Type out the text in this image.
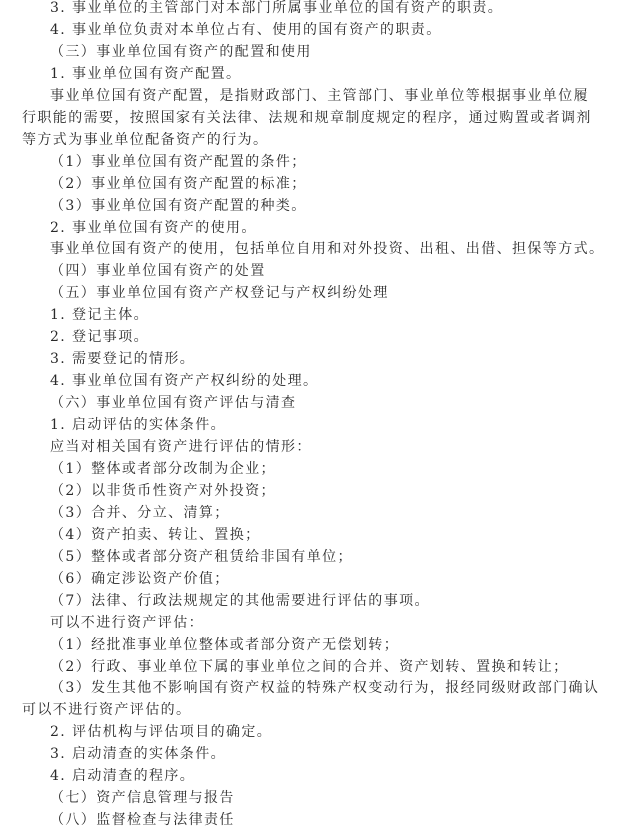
3. 事业单位的主管部门对本部门所属事业单位的国有资产的职责。
4. 事业单位负责对本单位占有、使用的国有资产的职责。
（三）事业单位国有资产的配置和使用
1. 事业单位国有资产配置。
事业单位国有资产配置，是指财政部门、主管部门、事业单位等根据事业单位履
行职能的需要，按照国家有关法律、法规和规章制度规定的程序，通过购置或者调剂
等方式为事业单位配备资产的行为。
（1）事业单位国有资产配置的条件；
（2）事业单位国有资产配置的标准；
（3）事业单位国有资产配置的种类。
2. 事业单位国有资产的使用。
事业单位国有资产的使用，包括单位自用和对外投资、出租、出借、担保等方式。
（四）事业单位国有资产的处置
（五）事业单位国有资产产权登记与产权纠纷处理
1. 登记主体。
2. 登记事项。
3. 需要登记的情形。
4. 事业单位国有资产产权纠纷的处理。
（六）事业单位国有资产评估与清查
1. 启动评估的实体条件。
应当对相关国有资产进行评估的情形：
（1）整体或者部分改制为企业；
（2）以非货币性资产对外投资；
（3）合并、分立、清算；
（4）资产拍卖、转让、置换；
（5）整体或者部分资产租赁给非国有单位；
（6）确定涉讼资产价值；
（7）法律、行政法规规定的其他需要进行评估的事项。
可以不进行资产评估：
（1）经批准事业单位整体或者部分资产无偿划转；
（2）行政、事业单位下属的事业单位之间的合并、资产划转、置换和转让；
（3）发生其他不影响国有资产权益的特殊产权变动行为，报经同级财政部门确认
可以不进行资产评估的。
2. 评估机构与评估项目的确定。
3. 启动清查的实体条件。
4. 启动清查的程序。
（七）资产信息管理与报告
（八）监督检查与法律责任
